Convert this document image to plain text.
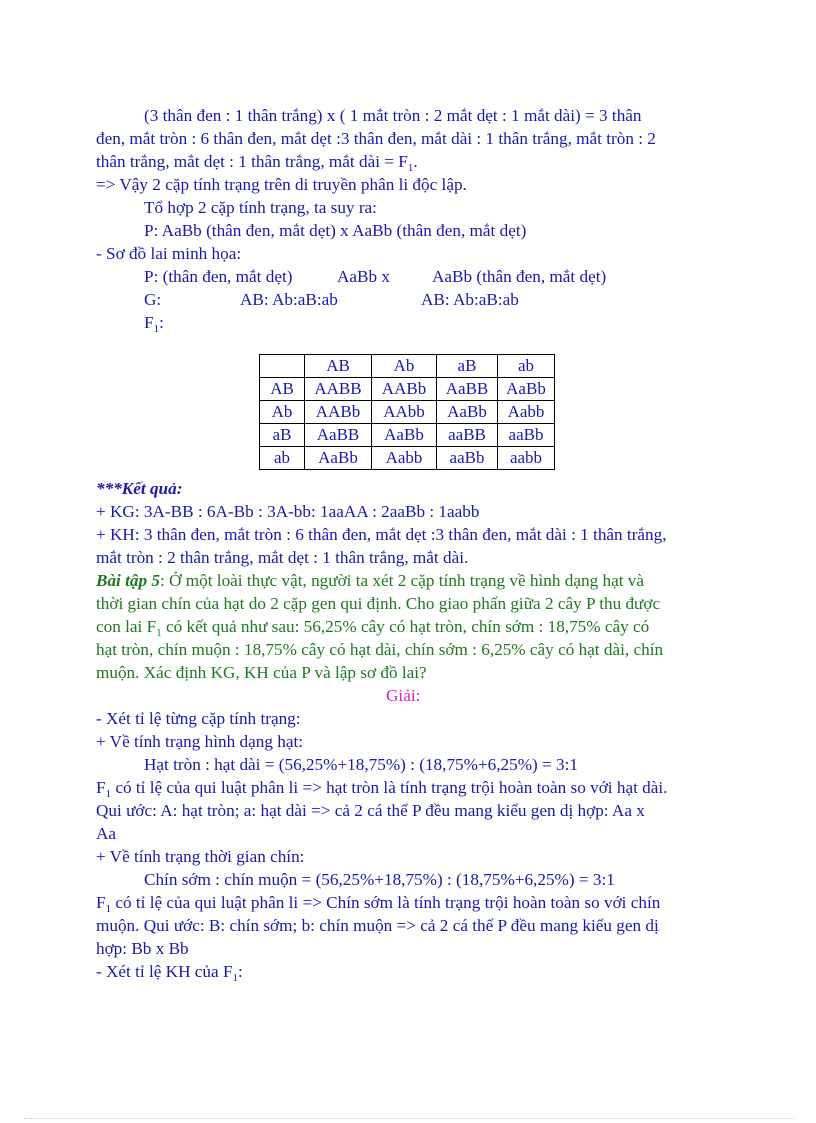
(3 thân đen : 1 thân trắng) x ( 1 mắt tròn : 2 mắt dẹt : 1 mắt dài) = 3 thân
đen, mắt tròn : 6 thân đen, mắt dẹt :3 thân đen, mắt dài : 1 thân trắng, mắt tròn : 2
thân trắng, mắt dẹt : 1 thân trắng, mắt dài = $F_1$.
=> Vậy 2 cặp tính trạng trên di truyền phân li độc lập.
Tổ hợp 2 cặp tính trạng, ta suy ra:
P: AaBb (thân đen, mắt dẹt) x AaBb (thân đen, mắt dẹt)
- Sơ đồ lai minh họa:
P: (thân đen, mắt dẹt)	AaBb x AaBb (thân đen, mắt dẹt)
G:	AB: Ab:aB:ab	AB: Ab:aB:ab
$F_1$:
	AB	Ab	aB	ab
AB	AABB	AABb	AaBB	AaBb
Ab	AABb	AAbb	AaBb	Aabb
aB	AaBB	AaBb	aaBB	aaBb
ab	AaBb	Aabb	aaBb	aabb
***Kết quả:
+ KG: 3A-BB : 6A-Bb : 3A-bb: 1aaAA : 2aaBb : 1aabb
+ KH: 3 thân đen, mắt tròn : 6 thân đen, mắt dẹt :3 thân đen, mắt dài : 1 thân trắng,
mắt tròn : 2 thân trắng, mắt dẹt : 1 thân trắng, mắt dài.
Bài tập 5: Ở một loài thực vật, người ta xét 2 cặp tính trạng về hình dạng hạt và
thời gian chín của hạt do 2 cặp gen qui định. Cho giao phấn giữa 2 cây P thu được
con lai $F_1$ có kết quả như sau: 56,25% cây có hạt tròn, chín sớm : 18,75% cây có
hạt tròn, chín muộn : 18,75% cây có hạt dài, chín sớm : 6,25% cây có hạt dài, chín
muộn. Xác định KG, KH của P và lập sơ đồ lai?
Giải:
- Xét tỉ lệ từng cặp tính trạng:
+ Về tính trạng hình dạng hạt:
Hạt tròn : hạt dài = (56,25%+18,75%) : (18,75%+6,25%) = 3:1
$F_1$ có tỉ lệ của qui luật phân li => hạt tròn là tính trạng trội hoàn toàn so với hạt dài.
Qui ước: A: hạt tròn; a: hạt dài => cả 2 cá thể P đều mang kiểu gen dị hợp: Aa x
Aa
+ Về tính trạng thời gian chín:
Chín sớm : chín muộn = (56,25%+18,75%) : (18,75%+6,25%) = 3:1
$F_1$ có tỉ lệ của qui luật phân li => Chín sớm là tính trạng trội hoàn toàn so với chín
muộn. Qui ước: B: chín sớm; b: chín muộn => cả 2 cá thể P đều mang kiểu gen dị
hợp: Bb x Bb
- Xét tỉ lệ KH của $F_1$:
